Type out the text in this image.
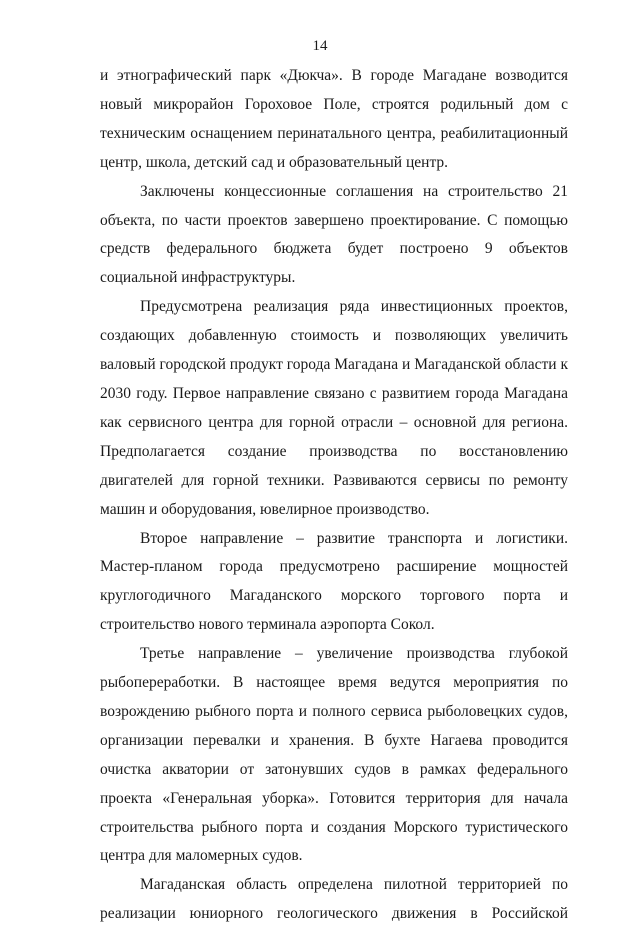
14

и этнографический парк «Дюкча». В городе Магадане возводится новый микрорайон Гороховое Поле, строятся родильный дом с техническим оснащением перинатального центра, реабилитационный центр, школа, детский сад и образовательный центр.

Заключены концессионные соглашения на строительство 21 объекта, по части проектов завершено проектирование. С помощью средств федерального бюджета будет построено 9 объектов социальной инфраструктуры.

Предусмотрена реализация ряда инвестиционных проектов, создающих добавленную стоимость и позволяющих увеличить валовый городской продукт города Магадана и Магаданской области к 2030 году. Первое направление связано с развитием города Магадана как сервисного центра для горной отрасли – основной для региона. Предполагается создание производства по восстановлению двигателей для горной техники. Развиваются сервисы по ремонту машин и оборудования, ювелирное производство.

Второе направление – развитие транспорта и логистики. Мастер-планом города предусмотрено расширение мощностей круглогодичного Магаданского морского торгового порта и строительство нового терминала аэропорта Сокол.

Третье направление – увеличение производства глубокой рыбопереработки. В настоящее время ведутся мероприятия по возрождению рыбного порта и полного сервиса рыболовецких судов, организации перевалки и хранения. В бухте Нагаева проводится очистка акватории от затонувших судов в рамках федерального проекта «Генеральная уборка». Готовится территория для начала строительства рыбного порта и создания Морского туристического центра для маломерных судов.

Магаданская область определена пилотной территорией по реализации юниорного геологического движения в Российской
